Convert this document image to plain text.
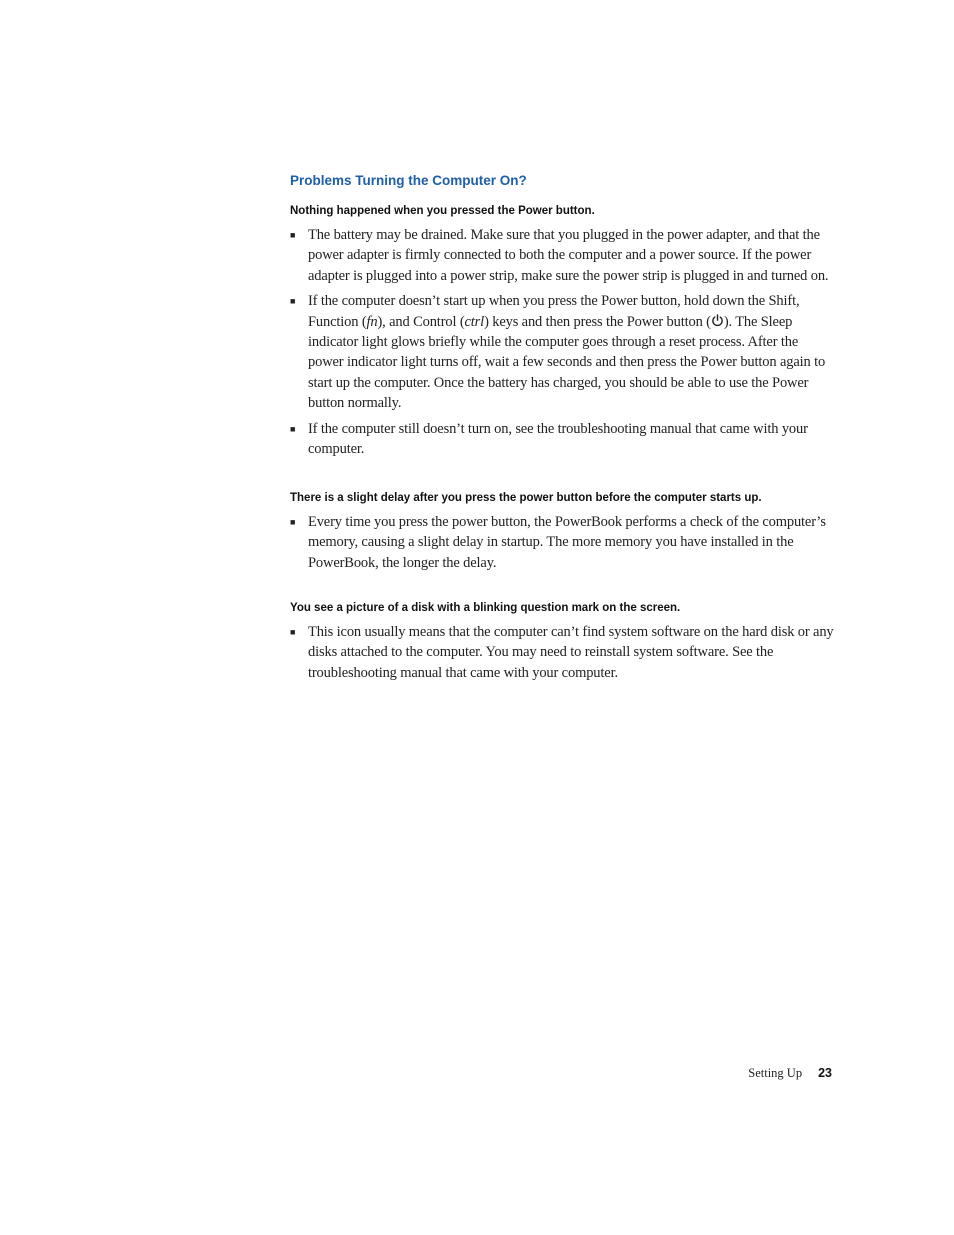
Problems Turning the Computer On?
Nothing happened when you pressed the Power button.
■ The battery may be drained. Make sure that you plugged in the power adapter, and that the power adapter is firmly connected to both the computer and a power source. If the power adapter is plugged into a power strip, make sure the power strip is plugged in and turned on.
■ If the computer doesn’t start up when you press the Power button, hold down the Shift, Function (fn), and Control (ctrl) keys and then press the Power button ( ). The Sleep indicator light glows briefly while the computer goes through a reset process. After the power indicator light turns off, wait a few seconds and then press the Power button again to start up the computer. Once the battery has charged, you should be able to use the Power button normally.
■ If the computer still doesn’t turn on, see the troubleshooting manual that came with your computer.
There is a slight delay after you press the power button before the computer starts up.
■ Every time you press the power button, the PowerBook performs a check of the computer’s memory, causing a slight delay in startup. The more memory you have installed in the PowerBook, the longer the delay.
You see a picture of a disk with a blinking question mark on the screen.
■ This icon usually means that the computer can’t find system software on the hard disk or any disks attached to the computer. You may need to reinstall system software. See the troubleshooting manual that came with your computer.
Setting Up 23
